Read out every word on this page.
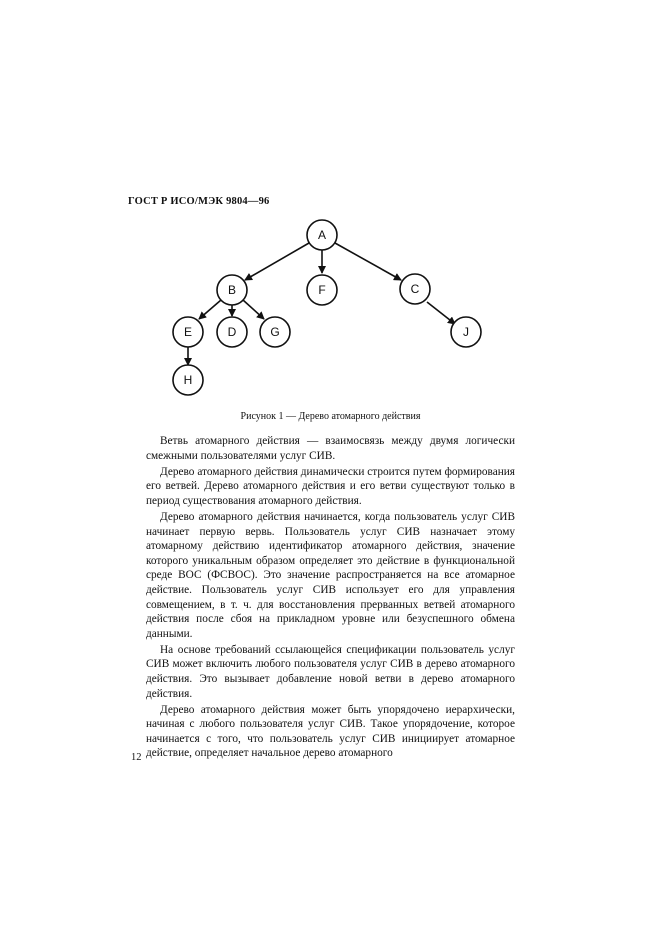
ГОСТ Р ИСО/МЭК 9804—96
A
B	F	C
E	D	G	J
H
Рисунок 1 — Дерево атомарного действия

Ветвь атомарного действия — взаимосвязь между двумя логически смежными пользователями услуг СИВ.

Дерево атомарного действия динамически строится путем формирования его ветвей. Дерево атомарного действия и его ветви существуют только в период существования атомарного действия.

Дерево атомарного действия начинается, когда пользователь услуг СИВ начинает первую вервь. Пользователь услуг СИВ назначает этому атомарному действию идентификатор атомарного действия, значение которого уникальным образом определяет это действие в функциональной среде ВОС (ФСВОС). Это значение распространяется на все атомарное действие. Пользователь услуг СИВ использует его для управления совмещением, в т. ч. для восстановления прерванных ветвей атомарного действия после сбоя на прикладном уровне или безуспешного обмена данными.

На основе требований ссылающейся спецификации пользователь услуг СИВ может включить любого пользователя услуг СИВ в дерево атомарного действия. Это вызывает добавление новой ветви в дерево атомарного действия.

Дерево атомарного действия может быть упорядочено иерархически, начиная с любого пользователя услуг СИВ. Такое упорядочение, которое начинается с того, что пользователь услуг СИВ инициирует атомарное действие, определяет начальное дерево атомарного

12
